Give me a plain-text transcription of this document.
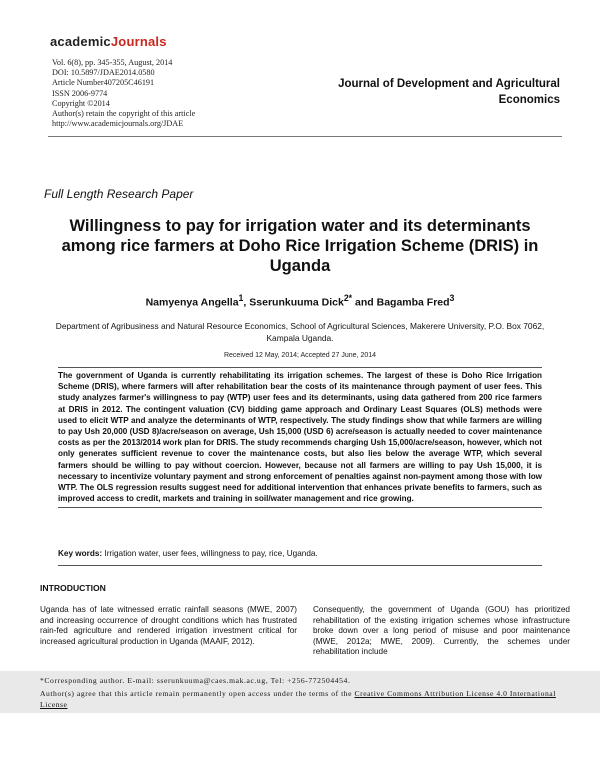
academicJournals
Vol. 6(8), pp. 345-355, August, 2014
DOI: 10.5897/JDAE2014.0580
Article Number407205C46191
ISSN 2006-9774
Copyright ©2014
Author(s) retain the copyright of this article
http://www.academicjournals.org/JDAE
Journal of Development and Agricultural
Economics
Full Length Research Paper
Willingness to pay for irrigation water and its determinants among rice farmers at Doho Rice Irrigation Scheme (DRIS) in Uganda
Namyenya Angella$^1$, Sserunkuuma Dick$^{2*}$ and Bagamba Fred$^3$
Department of Agribusiness and Natural Resource Economics, School of Agricultural Sciences, Makerere University, P.O. Box 7062, Kampala Uganda.
Received 12 May, 2014; Accepted 27 June, 2014
The government of Uganda is currently rehabilitating its irrigation schemes. The largest of these is Doho Rice Irrigation Scheme (DRIS), where farmers will after rehabilitation bear the costs of its maintenance through payment of user fees. This study analyzes farmer's willingness to pay (WTP) user fees and its determinants, using data gathered from 200 rice farmers at DRIS in 2012. The contingent valuation (CV) bidding game approach and Ordinary Least Squares (OLS) methods were used to elicit WTP and analyze the determinants of WTP, respectively. The study findings show that while farmers are willing to pay Ush 20,000 (USD 8)/acre/season on average, Ush 15,000 (USD 6) acre/season is actually needed to cover maintenance costs as per the 2013/2014 work plan for DRIS. The study recommends charging Ush 15,000/acre/season, however, which not only generates sufficient revenue to cover the maintenance costs, but also lies below the average WTP, which several farmers should be willing to pay without coercion. However, because not all farmers are willing to pay Ush 15,000, it is necessary to incentivize voluntary payment and strong enforcement of penalties against non-payment among those with low WTP. The OLS regression results suggest need for additional intervention that enhances private benefits to farmers, such as improved access to credit, markets and training in soil/water management and rice growing.
Key words: Irrigation water, user fees, willingness to pay, rice, Uganda.
INTRODUCTION
Uganda has of late witnessed erratic rainfall seasons (MWE, 2007) and increasing occurrence of drought conditions which has frustrated rain-fed agriculture and rendered irrigation investment critical for increased agricultural production in Uganda (MAAIF, 2012).
Consequently, the government of Uganda (GOU) has prioritized rehabilitation of the existing irrigation schemes whose infrastructure broke down over a long period of misuse and poor maintenance (MWE, 2012a; MWE, 2009). Currently, the schemes under rehabilitation include
*Corresponding author. E-mail: sserunkuuma@caes.mak.ac.ug, Tel: +256-772504454.
Author(s) agree that this article remain permanently open access under the terms of the Creative Commons Attribution License 4.0 International License
